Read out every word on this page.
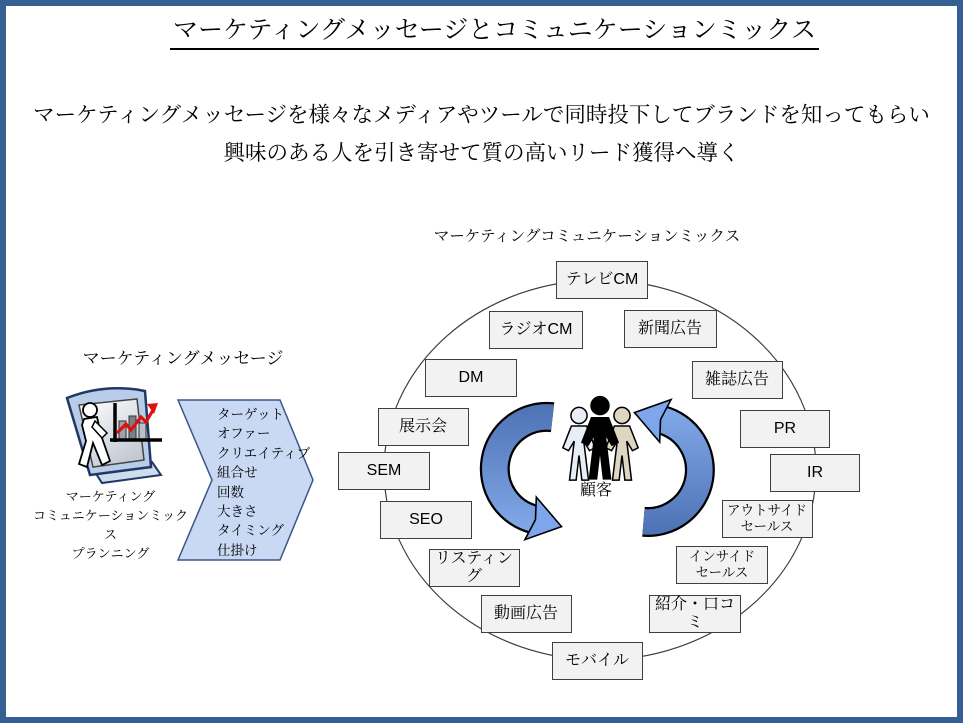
マーケティングメッセージとコミュニケーションミックス
マーケティングメッセージを様々なメディアやツールで同時投下してブランドを知ってもらい
興味のある人を引き寄せて質の高いリード獲得へ導く
マーケティングメッセージ
マーケティング
コミュニケーションミックス
プランニング
ターゲット
オファー
クリエイティブ
組合せ
回数
大きさ
タイミング
仕掛け
マーケティングコミュニケーションミックス
テレビCM
新聞広告
雑誌広告
PR
IR
アウトサイド
セールス
インサイド
セールス
紹介・口コミ
モバイル
動画広告
リスティング
SEO
SEM
展示会
DM
ラジオCM
顧客
